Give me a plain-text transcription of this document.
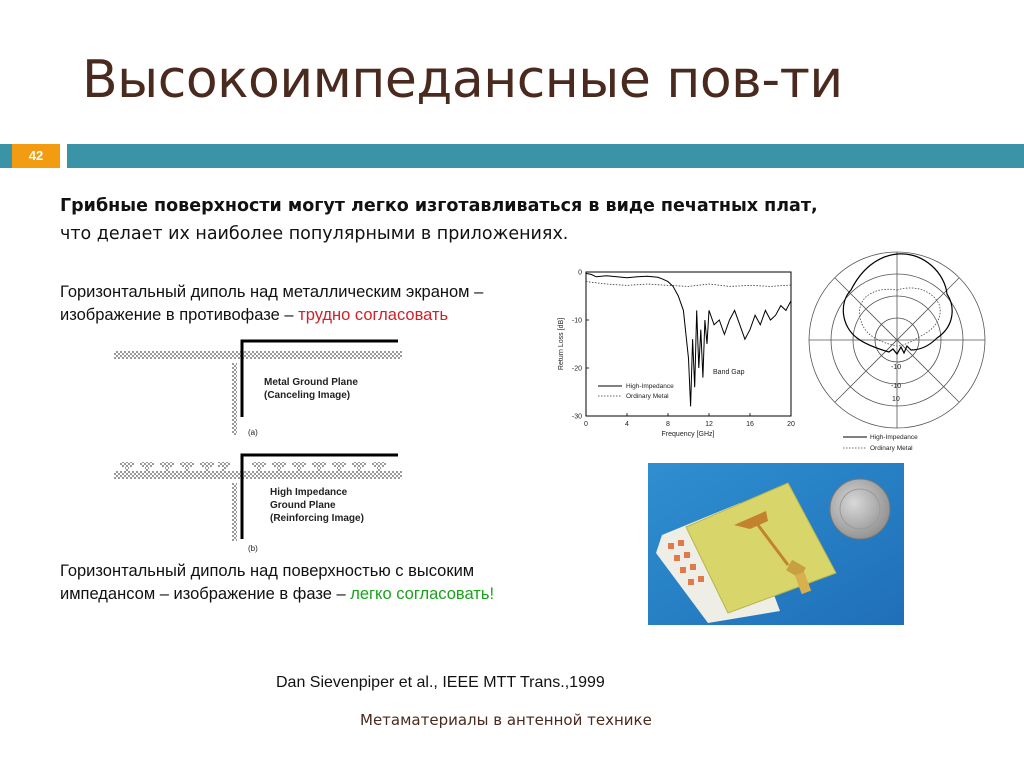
Высокоимпедансные пов-ти
42
Грибные поверхности могут легко изготавливаться в виде печатных плат,
что делает их наиболее популярными в приложениях.
Горизонтальный диполь над металлическим экраном –
изображение в противофазе – трудно согласовать
Горизонтальный диполь над поверхностью с высоким
импедансом – изображение в фазе – легко согласовать!
Metal Ground Plane
(Canceling Image)
(a)
High Impedance
Ground Plane
(Reinforcing Image)
(b)
0	4	8	12	16	20
0
-10
-20
-30
Frequency [GHz]
Return Loss [dB]
Band Gap
High-Impedance
Ordinary Metal
-10
-10
10
High-Impedance
Ordinary Metal
Dan Sievenpiper et al., IEEE MTT Trans.,1999
Метаматериалы в антенной технике
